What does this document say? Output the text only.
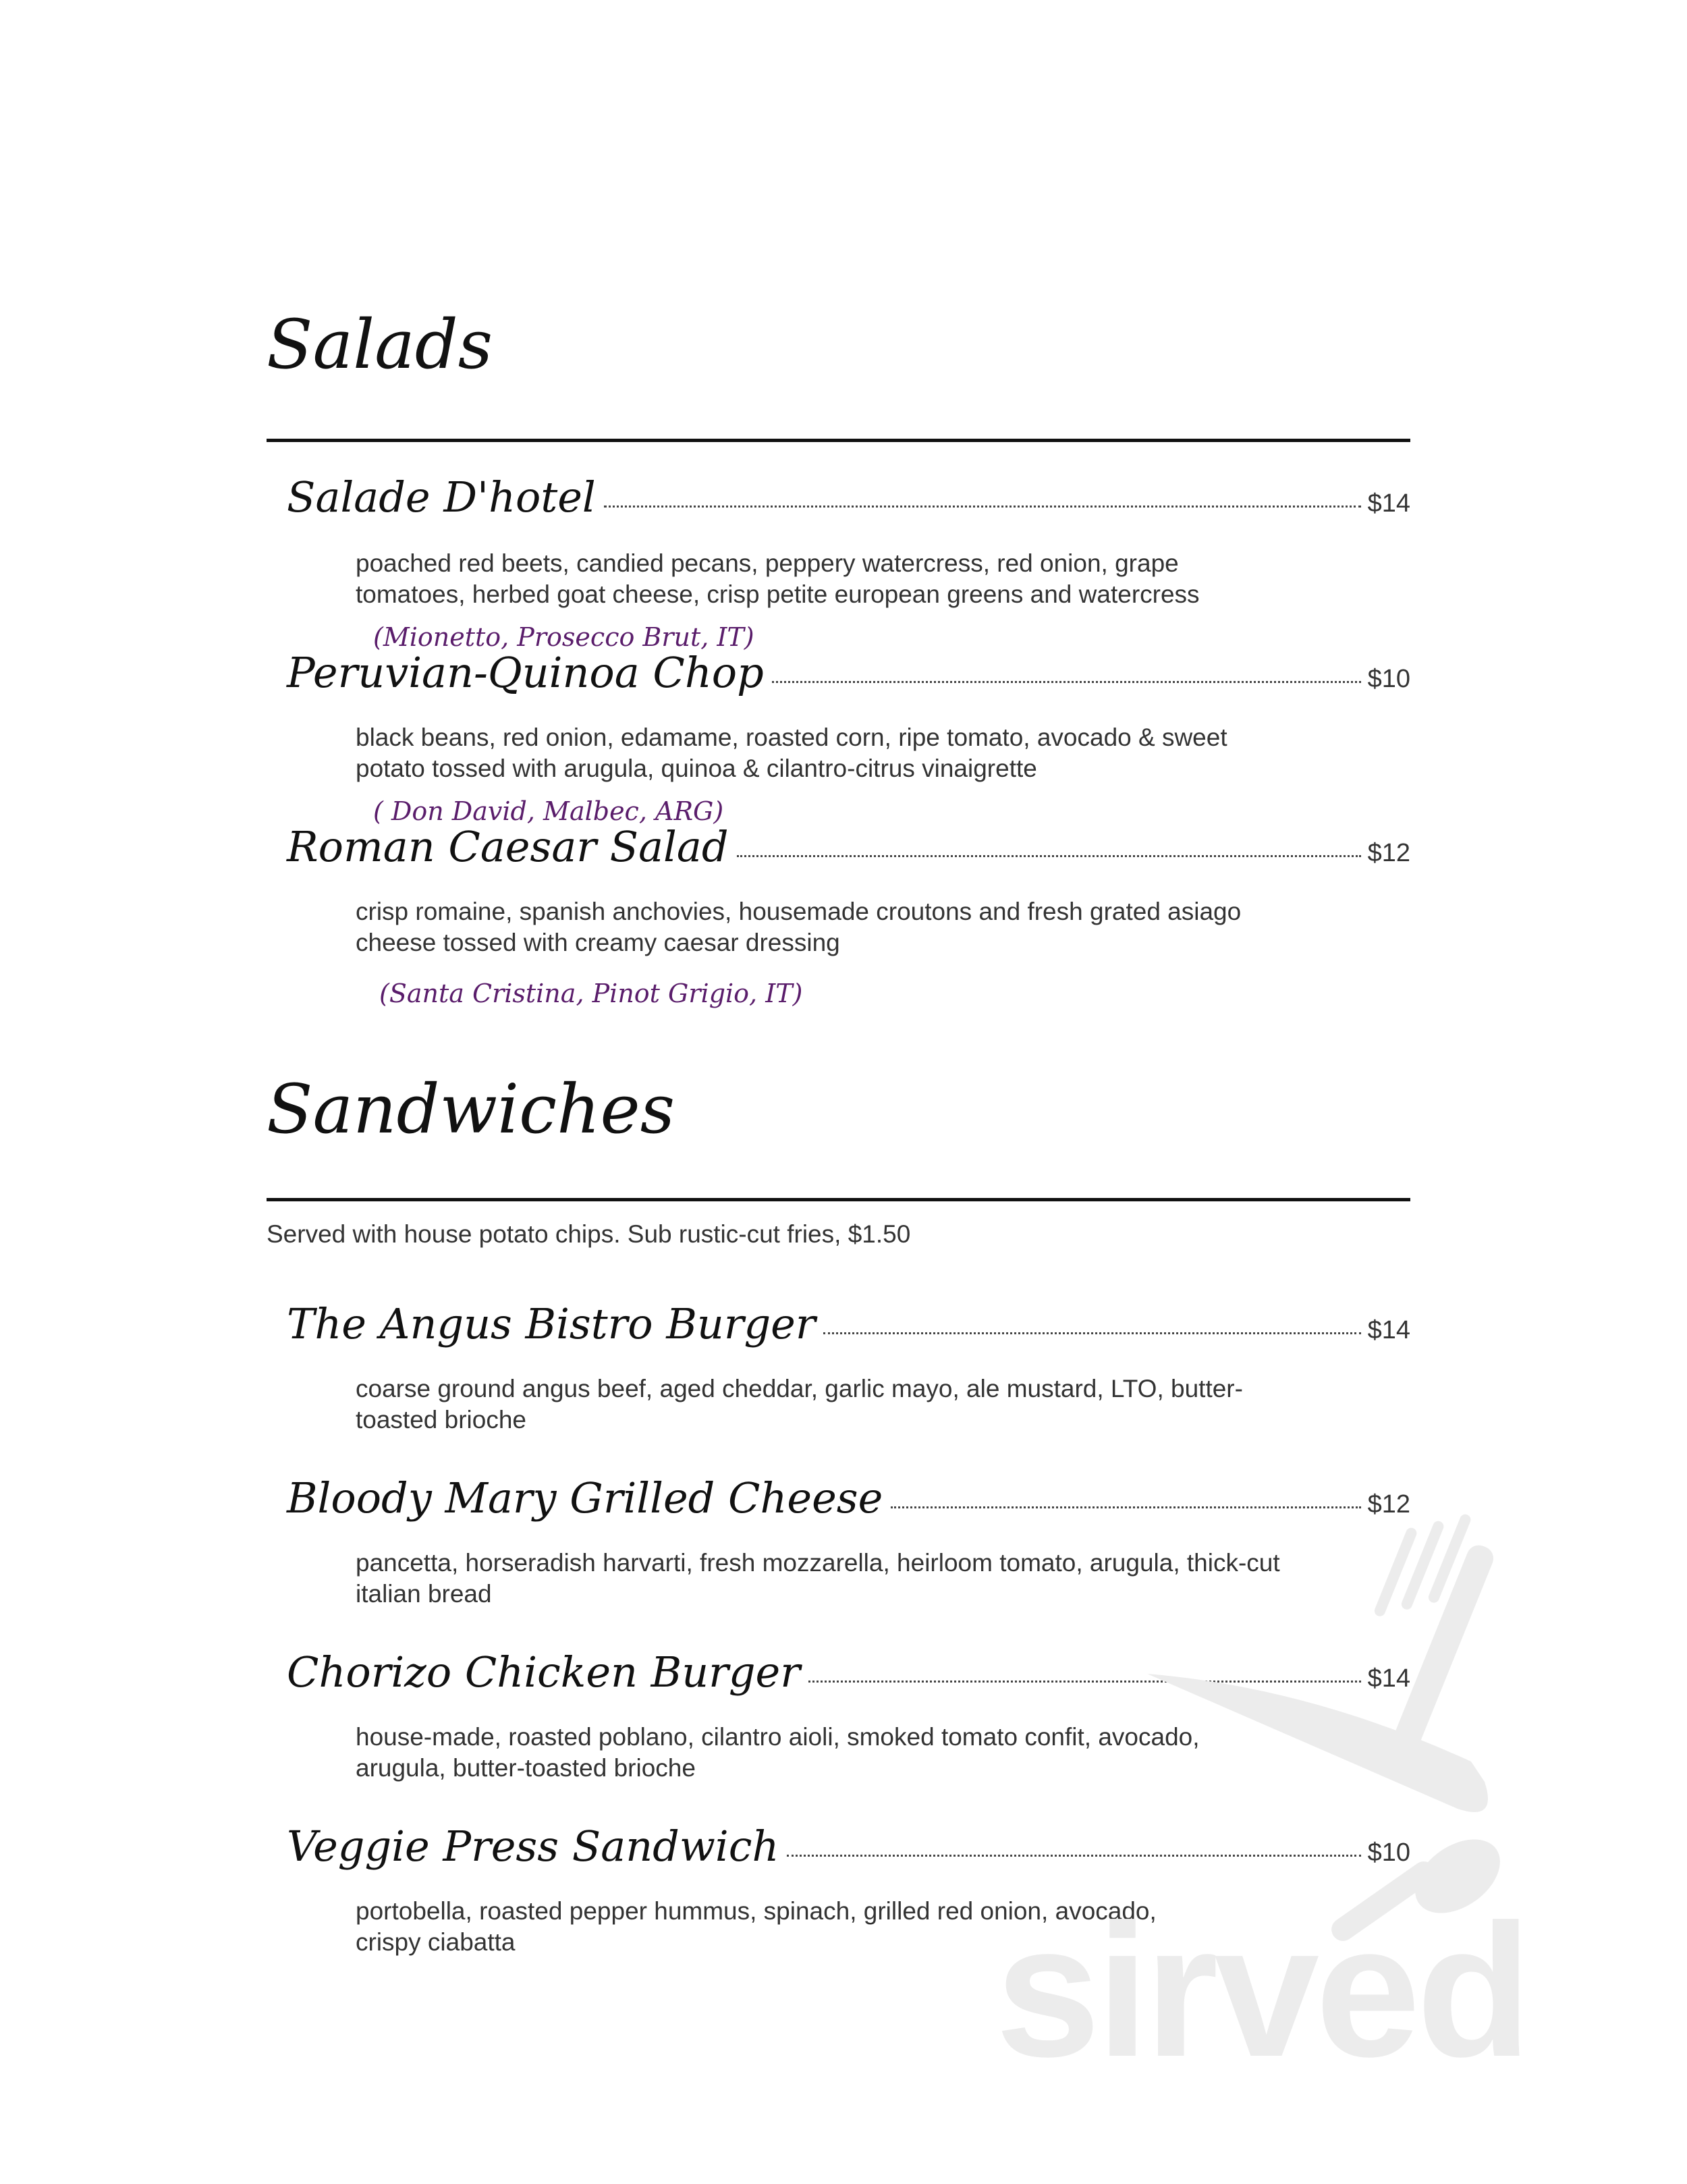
Salads
Salade D'hotel	$14

poached red beets, candied pecans, peppery watercress, red onion, grape
tomatoes, herbed goat cheese, crisp petite european greens and watercress

(Mionetto, Prosecco Brut, IT)

Peruvian-Quinoa Chop	$10

black beans, red onion, edamame, roasted corn, ripe tomato, avocado & sweet
potato tossed with arugula, quinoa & cilantro-citrus vinaigrette

( Don David, Malbec, ARG)

Roman Caesar Salad	$12

crisp romaine, spanish anchovies, housemade croutons and fresh grated asiago
cheese tossed with creamy caesar dressing

(Santa Cristina, Pinot Grigio, IT)

Sandwiches

Served with house potato chips. Sub rustic-cut fries, $1.50

The Angus Bistro Burger	$14

coarse ground angus beef, aged cheddar, garlic mayo, ale mustard, LTO, butter-
toasted brioche

Bloody Mary Grilled Cheese	$12

pancetta, horseradish harvarti, fresh mozzarella, heirloom tomato, arugula, thick-cut
italian bread

Chorizo Chicken Burger	$14

house-made, roasted poblano, cilantro aioli, smoked tomato confit, avocado,
arugula, butter-toasted brioche

Veggie Press Sandwich	$10

portobella, roasted pepper hummus, spinach, grilled red onion, avocado,
crispy ciabatta	sirved
